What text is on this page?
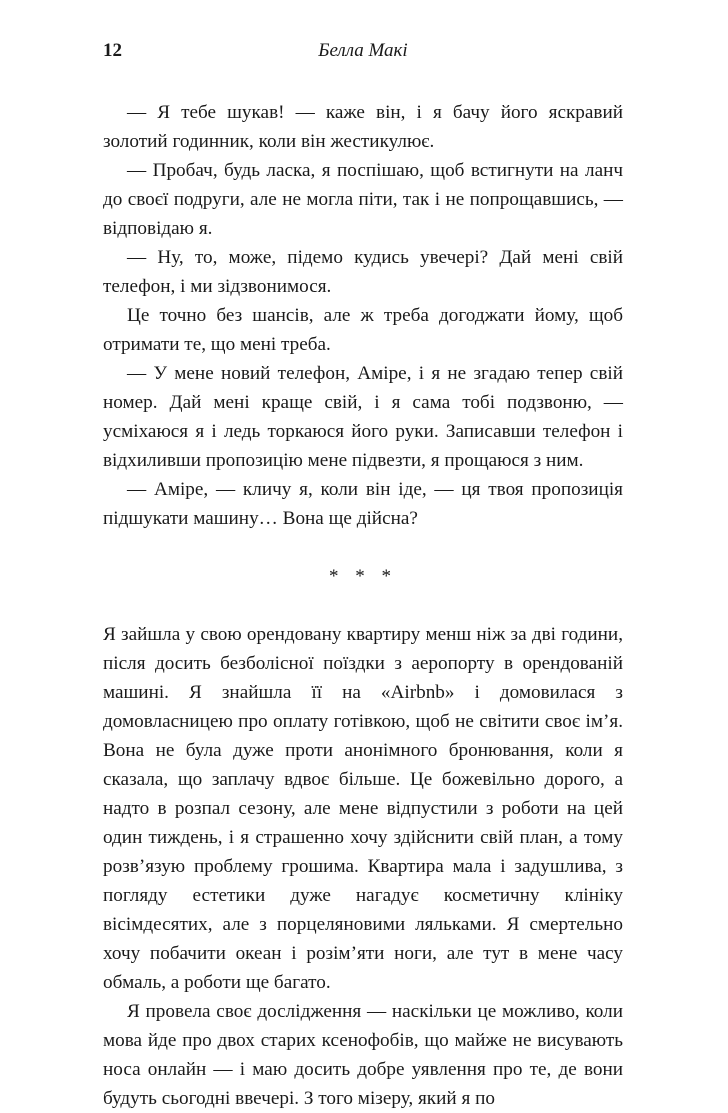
12	Белла Макі

— Я тебе шукав! — каже він, і я бачу його яскравий золотий годинник, коли він жестикулює.

— Пробач, будь ласка, я поспішаю, щоб встигнути на ланч до своєї подруги, але не могла піти, так і не попрощавшись, — відповідаю я.

— Ну, то, може, підемо кудись увечері? Дай мені свій телефон, і ми зідзвонимося.

Це точно без шансів, але ж треба догоджати йому, щоб отримати те, що мені треба.

— У мене новий телефон, Аміре, і я не згадаю тепер свій номер. Дай мені краще свій, і я сама тобі подзвоню, — усміхаюся я і ледь торкаюся його руки. Записавши телефон і відхиливши пропозицію мене підвезти, я прощаюся з ним.

— Аміре, — кличу я, коли він іде, — ця твоя пропозиція підшукати машину… Вона ще дійсна?

* * *

Я зайшла у свою орендовану квартиру менш ніж за дві години, після досить безболісної поїздки з аеропорту в орендованій машині. Я знайшла її на «Airbnb» і домовилася з домовласницею про оплату готівкою, щоб не світити своє ім’я. Вона не була дуже проти анонімного бронювання, коли я сказала, що заплачу вдвоє більше. Це божевільно дорого, а надто в розпал сезону, але мене відпустили з роботи на цей один тиждень, і я страшенно хочу здійснити свій план, а тому розв’язую проблему грошима. Квартира мала і задушлива, з погляду естетики дуже нагадує косметичну клініку вісімдесятих, але з порцеляновими ляльками. Я смертельно хочу побачити океан і розім’яти ноги, але тут в мене часу обмаль, а роботи ще багато.

Я провела своє дослідження — наскільки це можливо, коли мова йде про двох старих ксенофобів, що майже не висувають носа онлайн — і маю досить добре уявлення про те, де вони будуть сьогодні ввечері. З того мізеру, який я по
